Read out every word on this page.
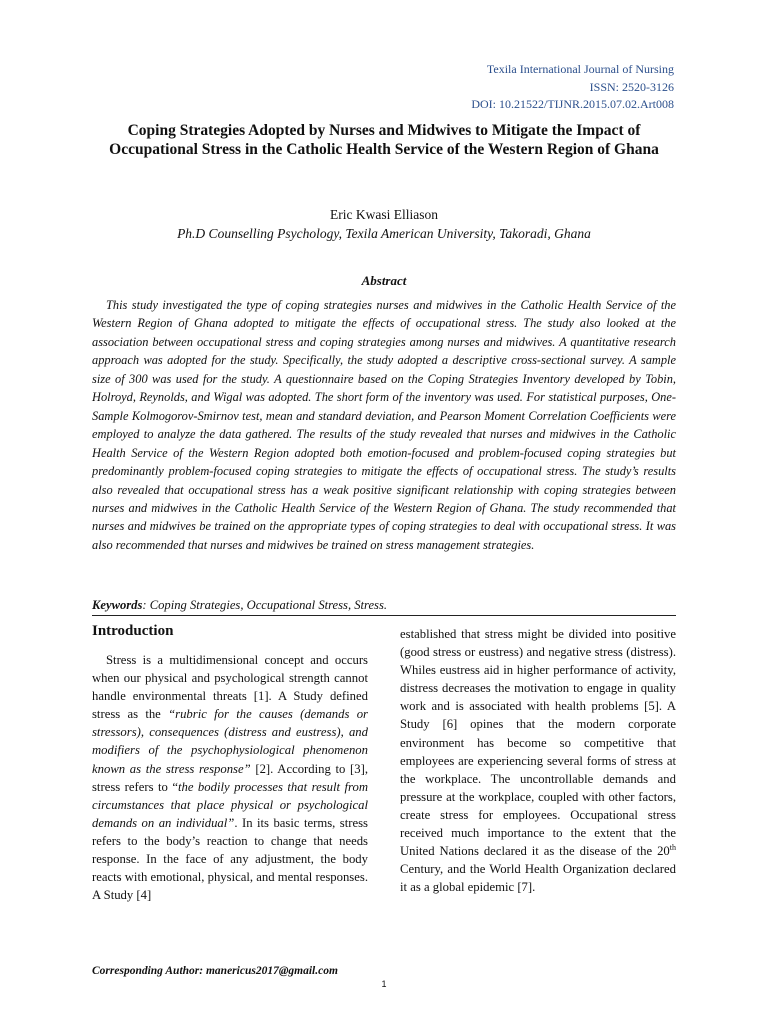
Texila International Journal of Nursing
ISSN: 2520-3126
DOI: 10.21522/TIJNR.2015.07.02.Art008
Coping Strategies Adopted by Nurses and Midwives to Mitigate the Impact of Occupational Stress in the Catholic Health Service of the Western Region of Ghana
Eric Kwasi Elliason
Ph.D Counselling Psychology, Texila American University, Takoradi, Ghana
Abstract

This study investigated the type of coping strategies nurses and midwives in the Catholic Health Service of the Western Region of Ghana adopted to mitigate the effects of occupational stress. The study also looked at the association between occupational stress and coping strategies among nurses and midwives. A quantitative research approach was adopted for the study. Specifically, the study adopted a descriptive cross-sectional survey. A sample size of 300 was used for the study. A questionnaire based on the Coping Strategies Inventory developed by Tobin, Holroyd, Reynolds, and Wigal was adopted. The short form of the inventory was used. For statistical purposes, One-Sample Kolmogorov-Smirnov test, mean and standard deviation, and Pearson Moment Correlation Coefficients were employed to analyze the data gathered. The results of the study revealed that nurses and midwives in the Catholic Health Service of the Western Region adopted both emotion-focused and problem-focused coping strategies but predominantly problem-focused coping strategies to mitigate the effects of occupational stress. The study’s results also revealed that occupational stress has a weak positive significant relationship with coping strategies between nurses and midwives in the Catholic Health Service of the Western Region of Ghana. The study recommended that nurses and midwives be trained on the appropriate types of coping strategies to deal with occupational stress. It was also recommended that nurses and midwives be trained on stress management strategies.

Keywords: Coping Strategies, Occupational Stress, Stress.
Introduction

Stress is a multidimensional concept and occurs when our physical and psychological strength cannot handle environmental threats [1]. A Study defined stress as the “rubric for the causes (demands or stressors), consequences (distress and eustress), and modifiers of the psychophysiological phenomenon known as the stress response” [2]. According to [3], stress refers to “the bodily processes that result from circumstances that place physical or psychological demands on an individual”. In its basic terms, stress refers to the body’s reaction to change that needs response. In the face of any adjustment, the body reacts with emotional, physical, and mental responses. A Study [4]

established that stress might be divided into positive (good stress or eustress) and negative stress (distress). Whiles eustress aid in higher performance of activity, distress decreases the motivation to engage in quality work and is associated with health problems [5]. A Study [6] opines that the modern corporate environment has become so competitive that employees are experiencing several forms of stress at the workplace. The uncontrollable demands and pressure at the workplace, coupled with other factors, create stress for employees. Occupational stress received much importance to the extent that the United Nations declared it as the disease of the 20th Century, and the World Health Organization declared it as a global epidemic [7].

Corresponding Author: manericus2017@gmail.com
1
